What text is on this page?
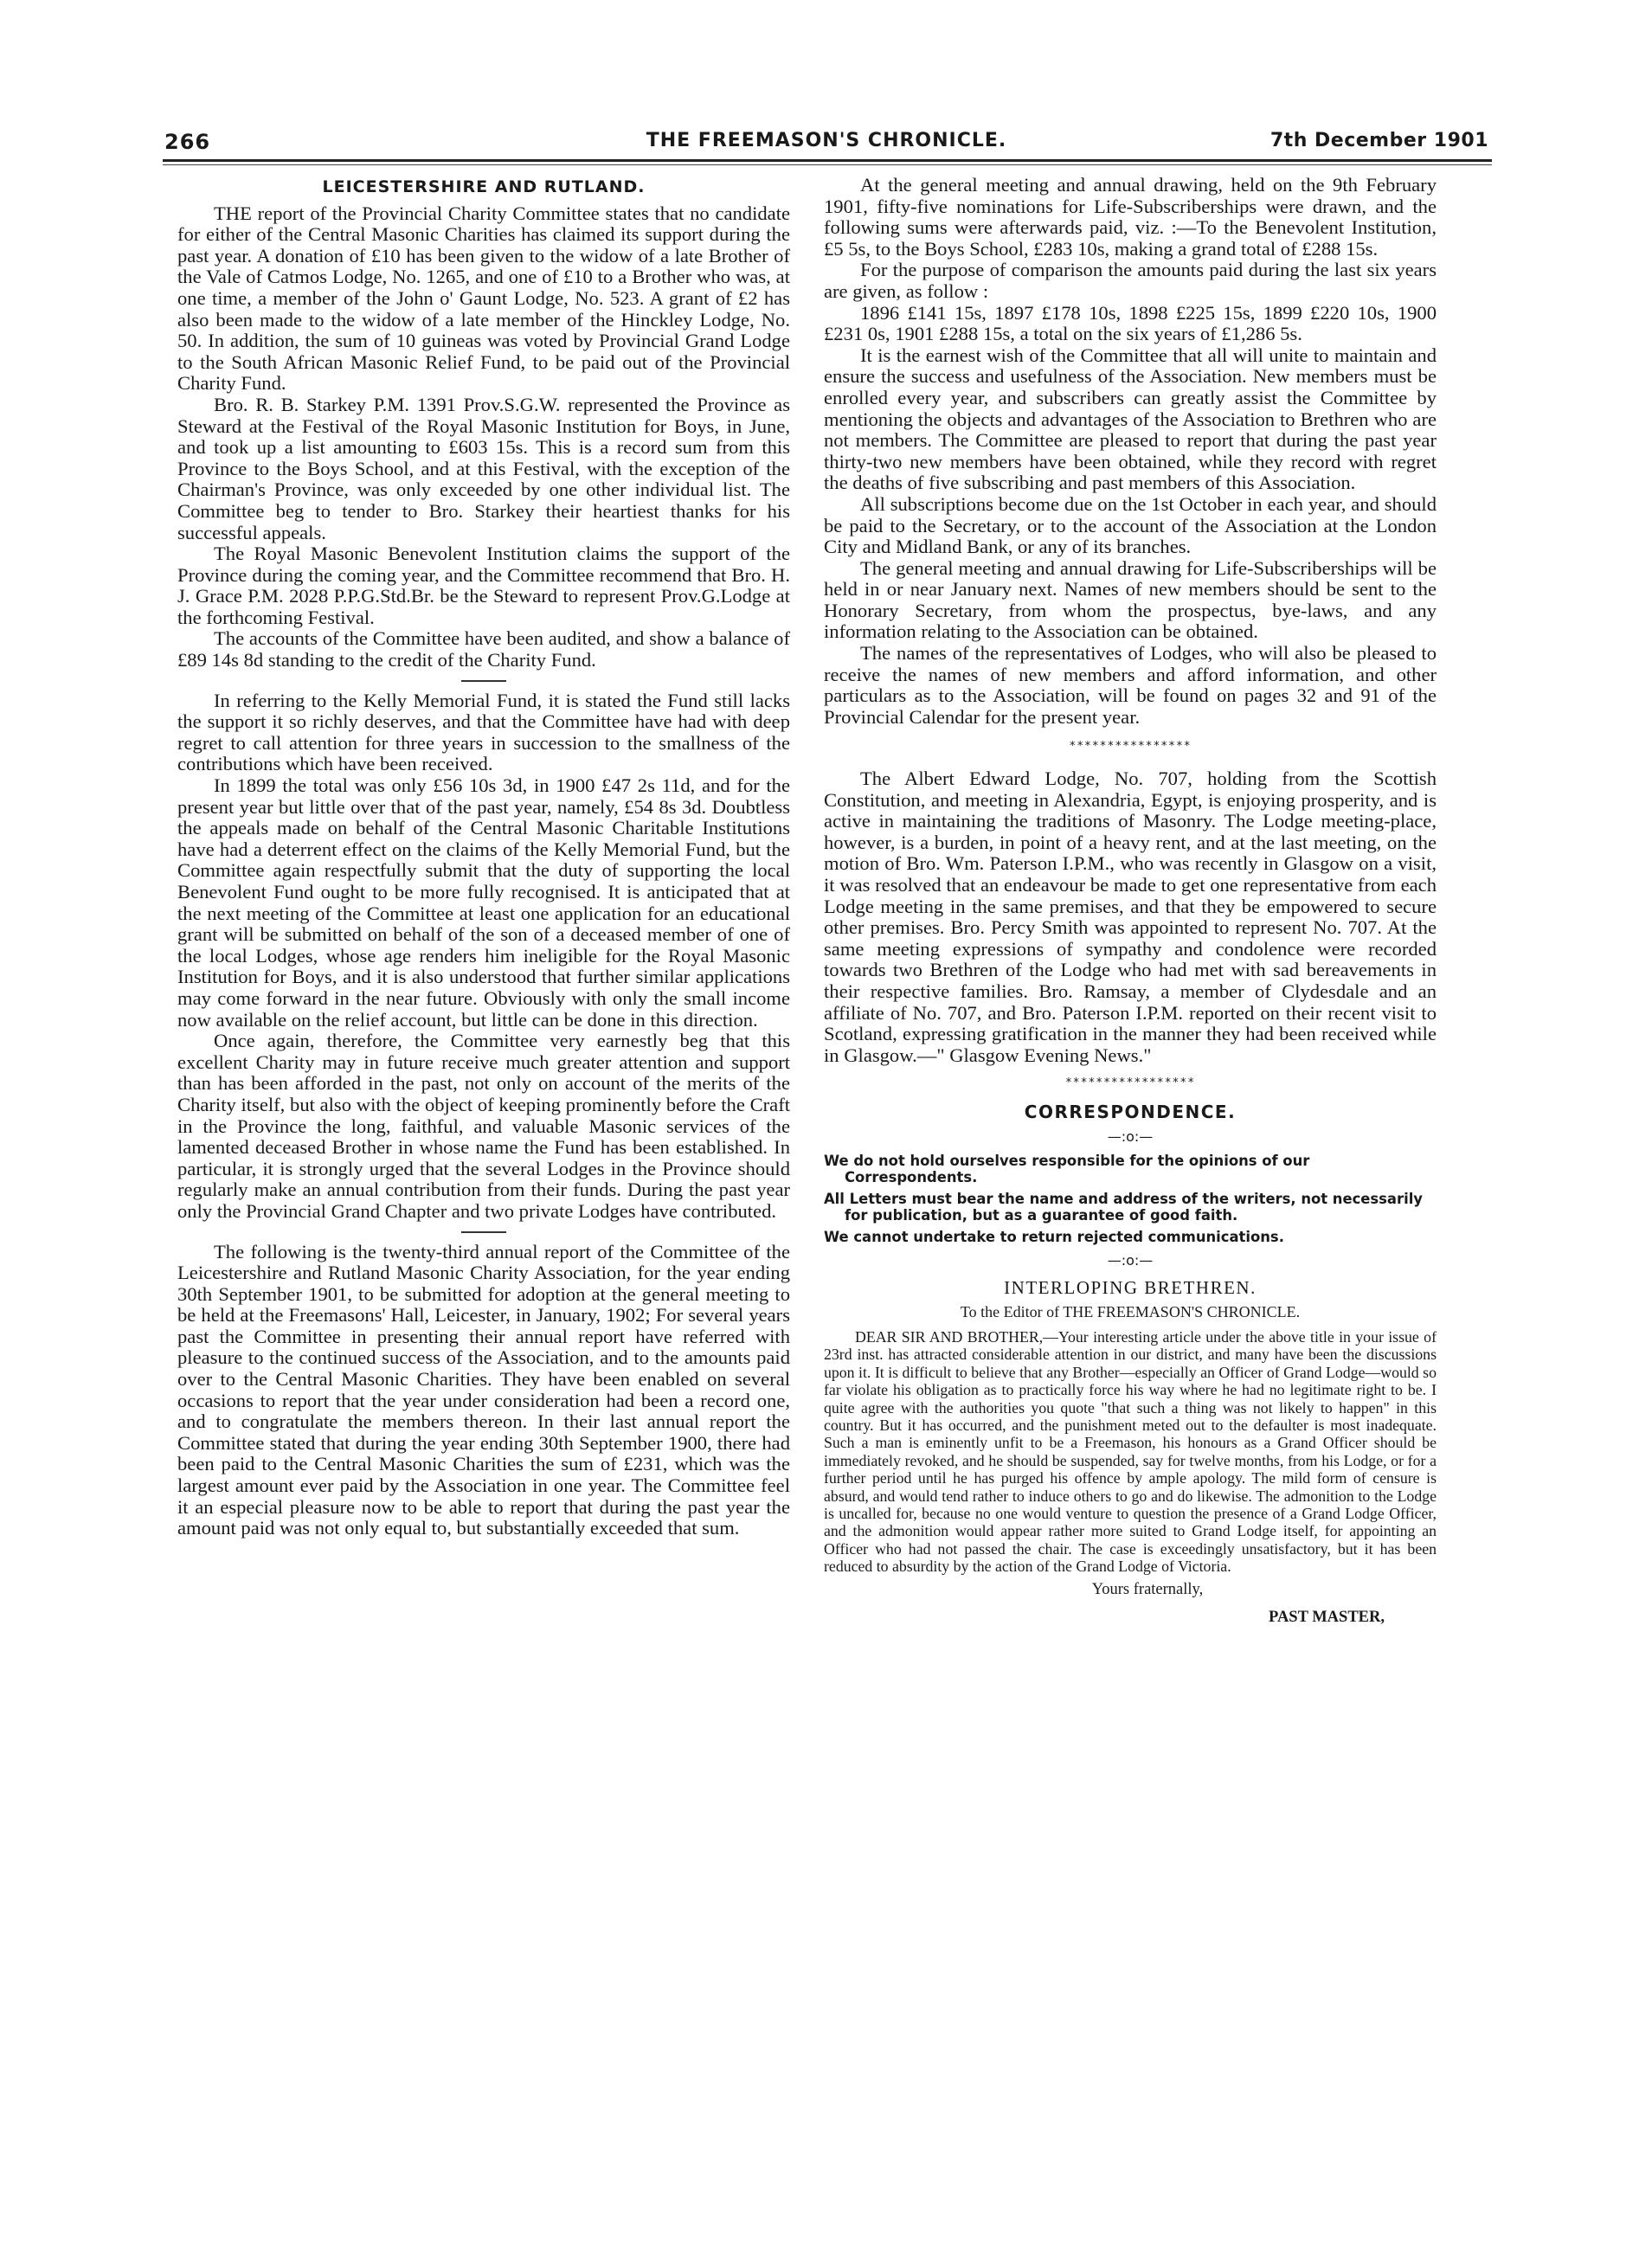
266	THE FREEMASON'S CHRONICLE.	7th December 1901
LEICESTERSHIRE AND RUTLAND.

THE report of the Provincial Charity Committee states that no candidate for either of the Central Masonic Charities has claimed its support during the past year. A donation of £10 has been given to the widow of a late Brother of the Vale of Catmos Lodge, No. 1265, and one of £10 to a Brother who was, at one time, a member of the John o' Gaunt Lodge, No. 523. A grant of £2 has also been made to the widow of a late member of the Hinckley Lodge, No. 50. In addition, the sum of 10 guineas was voted by Provincial Grand Lodge to the South African Masonic Relief Fund, to be paid out of the Provincial Charity Fund.

Bro. R. B. Starkey P.M. 1391 Prov.S.G.W. represented the Province as Steward at the Festival of the Royal Masonic Institution for Boys, in June, and took up a list amounting to £603 15s. This is a record sum from this Province to the Boys School, and at this Festival, with the exception of the Chairman's Province, was only exceeded by one other individual list. The Committee beg to tender to Bro. Starkey their heartiest thanks for his successful appeals.

The Royal Masonic Benevolent Institution claims the support of the Province during the coming year, and the Committee recommend that Bro. H. J. Grace P.M. 2028 P.P.G.Std.Br. be the Steward to represent Prov.G.Lodge at the forthcoming Festival.

The accounts of the Committee have been audited, and show a balance of £89 14s 8d standing to the credit of the Charity Fund.

In referring to the Kelly Memorial Fund, it is stated the Fund still lacks the support it so richly deserves, and that the Committee have had with deep regret to call attention for three years in succession to the smallness of the contributions which have been received.

In 1899 the total was only £56 10s 3d, in 1900 £47 2s 11d, and for the present year but little over that of the past year, namely, £54 8s 3d. Doubtless the appeals made on behalf of the Central Masonic Charitable Institutions have had a deterrent effect on the claims of the Kelly Memorial Fund, but the Committee again respectfully submit that the duty of supporting the local Benevolent Fund ought to be more fully recognised. It is anticipated that at the next meeting of the Committee at least one application for an educational grant will be submitted on behalf of the son of a deceased member of one of the local Lodges, whose age renders him ineligible for the Royal Masonic Institution for Boys, and it is also understood that further similar applications may come forward in the near future. Obviously with only the small income now available on the relief account, but little can be done in this direction.

Once again, therefore, the Committee very earnestly beg that this excellent Charity may in future receive much greater attention and support than has been afforded in the past, not only on account of the merits of the Charity itself, but also with the object of keeping prominently before the Craft in the Province the long, faithful, and valuable Masonic services of the lamented deceased Brother in whose name the Fund has been established. In particular, it is strongly urged that the several Lodges in the Province should regularly make an annual contribution from their funds. During the past year only the Provincial Grand Chapter and two private Lodges have contributed.

The following is the twenty-third annual report of the Committee of the Leicestershire and Rutland Masonic Charity Association, for the year ending 30th September 1901, to be submitted for adoption at the general meeting to be held at the Freemasons' Hall, Leicester, in January, 1902; For several years past the Committee in presenting their annual report have referred with pleasure to the continued success of the Association, and to the amounts paid over to the Central Masonic Charities. They have been enabled on several occasions to report that the year under consideration had been a record one, and to congratulate the members thereon. In their last annual report the Committee stated that during the year ending 30th September 1900, there had been paid to the Central Masonic Charities the sum of £231, which was the largest amount ever paid by the Association in one year. The Committee feel it an especial pleasure now to be able to report that during the past year the amount paid was not only equal to, but substantially exceeded that sum.

At the general meeting and annual drawing, held on the 9th February 1901, fifty-five nominations for Life-Subscriberships were drawn, and the following sums were afterwards paid, viz. :—To the Benevolent Institution, £5 5s, to the Boys School, £283 10s, making a grand total of £288 15s.

For the purpose of comparison the amounts paid during the last six years are given, as follow :

1896 £141 15s, 1897 £178 10s, 1898 £225 15s, 1899 £220 10s, 1900 £231 0s, 1901 £288 15s, a total on the six years of £1,286 5s.

It is the earnest wish of the Committee that all will unite to maintain and ensure the success and usefulness of the Association. New members must be enrolled every year, and subscribers can greatly assist the Committee by mentioning the objects and advantages of the Association to Brethren who are not members. The Committee are pleased to report that during the past year thirty-two new members have been obtained, while they record with regret the deaths of five subscribing and past members of this Association.

All subscriptions become due on the 1st October in each year, and should be paid to the Secretary, or to the account of the Association at the London City and Midland Bank, or any of its branches.

The general meeting and annual drawing for Life-Subscriberships will be held in or near January next. Names of new members should be sent to the Honorary Secretary, from whom the prospectus, bye-laws, and any information relating to the Association can be obtained.

The names of the representatives of Lodges, who will also be pleased to receive the names of new members and afford information, and other particulars as to the Association, will be found on pages 32 and 91 of the Provincial Calendar for the present year.

****************

The Albert Edward Lodge, No. 707, holding from the Scottish Constitution, and meeting in Alexandria, Egypt, is enjoying prosperity, and is active in maintaining the traditions of Masonry. The Lodge meeting-place, however, is a burden, in point of a heavy rent, and at the last meeting, on the motion of Bro. Wm. Paterson I.P.M., who was recently in Glasgow on a visit, it was resolved that an endeavour be made to get one representative from each Lodge meeting in the same premises, and that they be empowered to secure other premises. Bro. Percy Smith was appointed to represent No. 707. At the same meeting expressions of sympathy and condolence were recorded towards two Brethren of the Lodge who had met with sad bereavements in their respective families. Bro. Ramsay, a member of Clydesdale and an affiliate of No. 707, and Bro. Paterson I.P.M. reported on their recent visit to Scotland, expressing gratification in the manner they had been received while in Glasgow.—" Glasgow Evening News."

*****************
CORRESPONDENCE.
—:o:—
We do not hold ourselves responsible for the opinions of our Correspondents.
All Letters must bear the name and address of the writers, not necessarily for publication, but as a guarantee of good faith.
We cannot undertake to return rejected communications.
—:o:—
INTERLOPING BRETHREN.
To the Editor of THE FREEMASON'S CHRONICLE.
DEAR SIR AND BROTHER,—Your interesting article under the above title in your issue of 23rd inst. has attracted considerable attention in our district, and many have been the discussions upon it. It is difficult to believe that any Brother—especially an Officer of Grand Lodge—would so far violate his obligation as to practically force his way where he had no legitimate right to be. I quite agree with the authorities you quote "that such a thing was not likely to happen" in this country. But it has occurred, and the punishment meted out to the defaulter is most inadequate. Such a man is eminently unfit to be a Freemason, his honours as a Grand Officer should be immediately revoked, and he should be suspended, say for twelve months, from his Lodge, or for a further period until he has purged his offence by ample apology. The mild form of censure is absurd, and would tend rather to induce others to go and do likewise. The admonition to the Lodge is uncalled for, because no one would venture to question the presence of a Grand Lodge Officer, and the admonition would appear rather more suited to Grand Lodge itself, for appointing an Officer who had not passed the chair. The case is exceedingly unsatisfactory, but it has been reduced to absurdity by the action of the Grand Lodge of Victoria.
Yours fraternally,
PAST MASTER,
